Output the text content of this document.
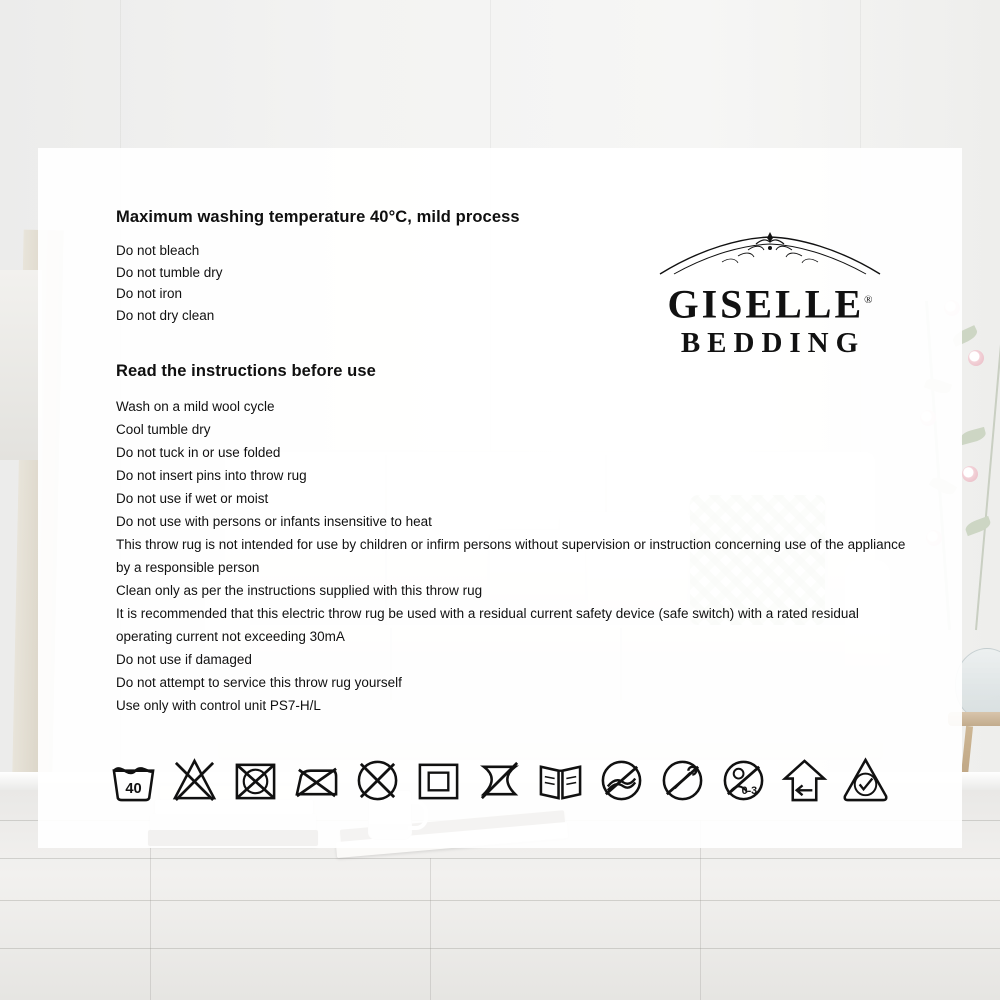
Maximum washing temperature 40°C, mild process
Do not bleach
Do not tumble dry
Do not iron
Do not dry clean	GISELLE®
BEDDING
Read the instructions before use
Wash on a mild wool cycle
Cool tumble dry
Do not tuck in or use folded
Do not insert pins into throw rug
Do not use if wet or moist
Do not use with persons or infants insensitive to heat
This throw rug is not intended for use by children or infirm persons without supervision or instruction concerning use of the appliance by a responsible person
Clean only as per the instructions supplied with this throw rug
It is recommended that this electric throw rug be used with a residual current safety device (safe switch) with a rated residual operating current not exceeding 30mA
Do not use if damaged
Do not attempt to service this throw rug yourself
Use only with control unit PS7-H/L
40	0-3
